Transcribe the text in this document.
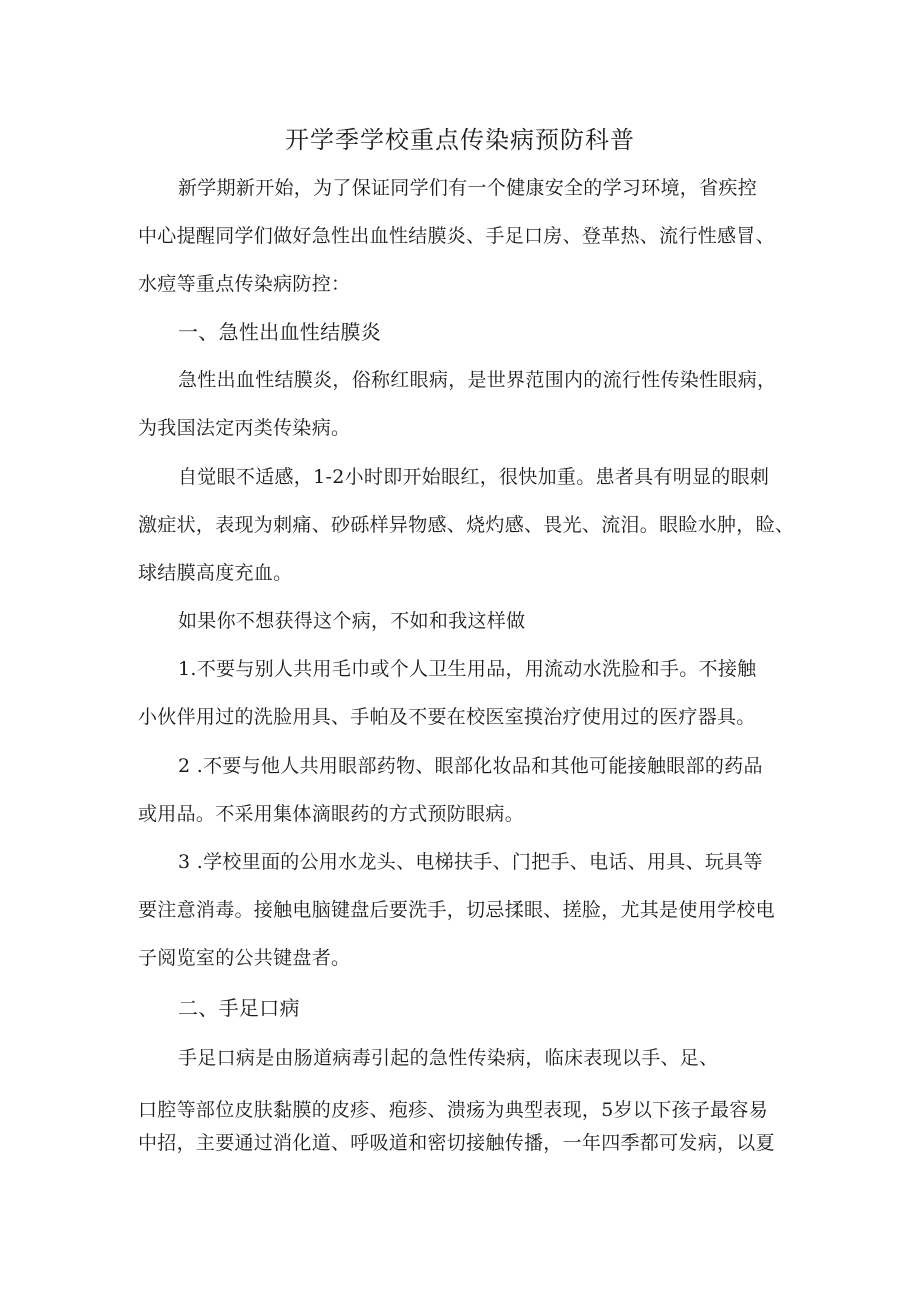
开学季学校重点传染病预防科普

新学期新开始，为了保证同学们有一个健康安全的学习环境，省疾控

中心提醒同学们做好急性出血性结膜炎、手足口房、登革热、流行性感冒、

水痘等重点传染病防控：

一、急性出血性结膜炎

急性出血性结膜炎，俗称红眼病，是世界范围内的流行性传染性眼病，

为我国法定丙类传染病。

自觉眼不适感，1-2小时即开始眼红，很快加重。患者具有明显的眼刺

激症状，表现为刺痛、砂砾样异物感、烧灼感、畏光、流泪。眼睑水肿，睑、

球结膜高度充血。

如果你不想获得这个病，不如和我这样做

1.不要与别人共用毛巾或个人卫生用品，用流动水洗脸和手。不接触

小伙伴用过的洗脸用具、手帕及不要在校医室摸治疗使用过的医疗器具。

2 .不要与他人共用眼部药物、眼部化妆品和其他可能接触眼部的药品

或用品。不采用集体滴眼药的方式预防眼病。

3 .学校里面的公用水龙头、电梯扶手、门把手、电话、用具、玩具等

要注意消毒。接触电脑键盘后要洗手，切忌揉眼、搓脸，尤其是使用学校电

子阅览室的公共键盘者。

二、手足口病

手足口病是由肠道病毒引起的急性传染病，临床表现以手、足、

口腔等部位皮肤黏膜的皮疹、疱疹、溃疡为典型表现，5岁以下孩子最容易

中招，主要通过消化道、呼吸道和密切接触传播，一年四季都可发病，以夏
